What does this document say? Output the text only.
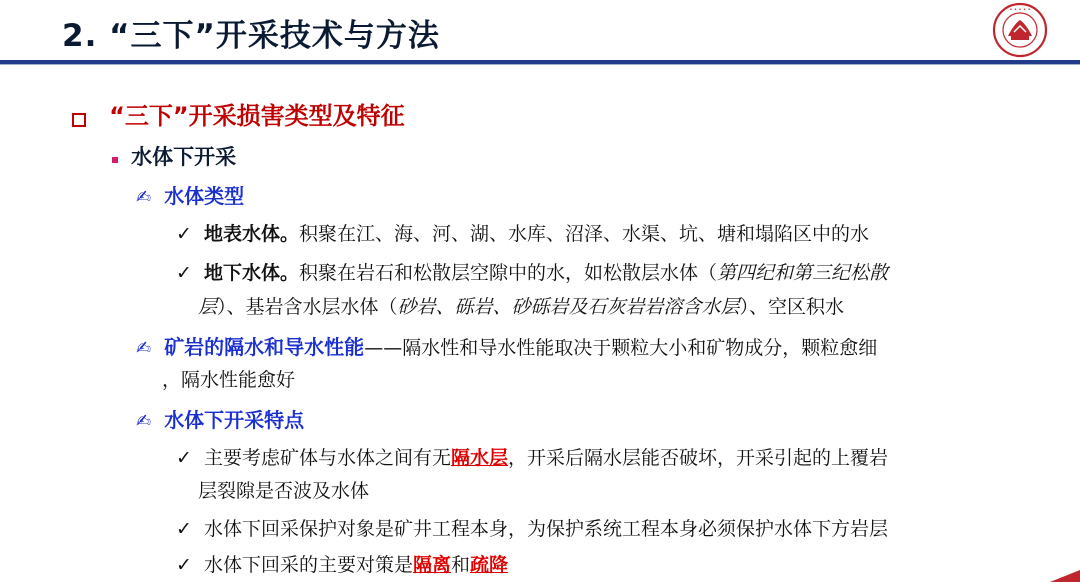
2. “三下”开采技术与方法
• • • • •
“三下”开采损害类型及特征
水体下开采
✍ 水体类型
✓ 地表水体。积聚在江、海、河、湖、水库、沼泽、水渠、坑、塘和塌陷区中的水
✓ 地下水体。积聚在岩石和松散层空隙中的水，如松散层水体（第四纪和第三纪松散
层）、基岩含水层水体（砂岩、砾岩、砂砾岩及石灰岩岩溶含水层）、空区积水
✍ 矿岩的隔水和导水性能——隔水性和导水性能取决于颗粒大小和矿物成分，颗粒愈细
，隔水性能愈好
✍ 水体下开采特点
✓ 主要考虑矿体与水体之间有无隔水层，开采后隔水层能否破坏，开采引起的上覆岩
层裂隙是否波及水体
✓ 水体下回采保护对象是矿井工程本身，为保护系统工程本身必须保护水体下方岩层
✓ 水体下回采的主要对策是隔离和疏降
